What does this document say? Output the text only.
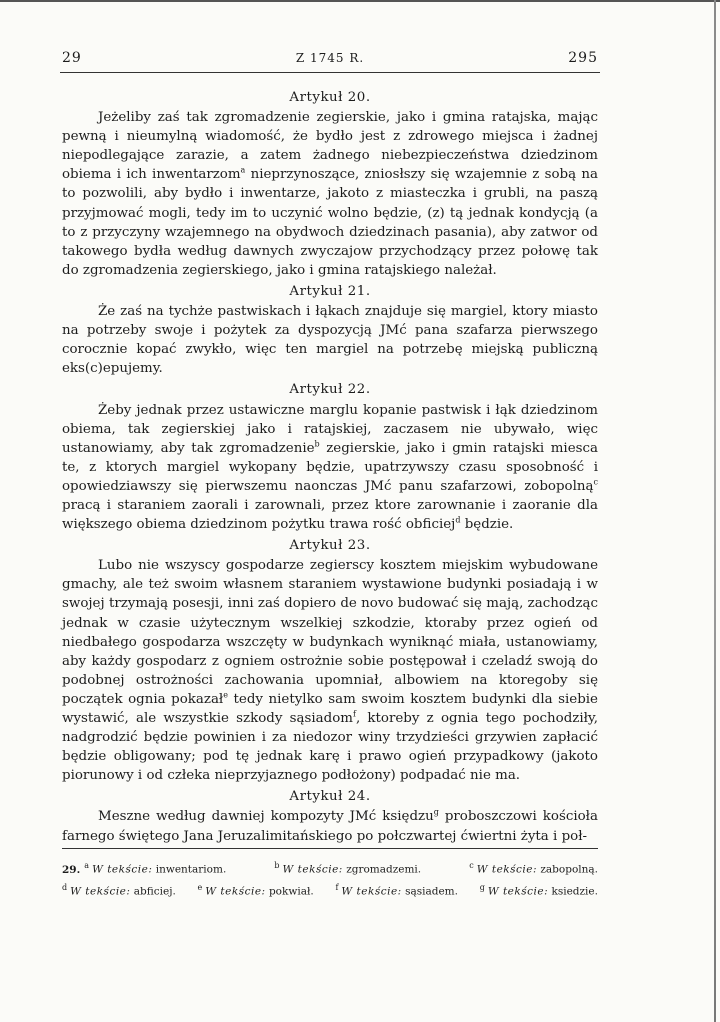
29	Z 1745 R.	295
Artykuł 20.
Jeżeliby zaś tak zgromadzenie zegierskie, jako i gmina ratajska, mając pewną i nieumylną wiadomość, że bydło jest z zdrowego miejsca i żadnej niepodlegające zarazie, a zatem żadnego niebezpieczeństwa dziedzinom obiema i ich inwentarzom$^a$ nieprzynoszące, zniosłszy się wzajemnie z sobą na to pozwolili, aby bydło i inwentarze, jakoto z miasteczka i grubli, na paszą przyjmować mogli, tedy im to uczynić wolno będzie, (z) tą jednak kondycją (a to z przyczyny wzajemnego na obydwoch dziedzinach pasania), aby zatwor od takowego bydła według dawnych zwyczajow przychodzący przez połowę tak do zgromadzenia zegierskiego, jako i gmina ratajskiego należał.
Artykuł 21.
Że zaś na tychże pastwiskach i łąkach znajduje się margiel, ktory miasto na potrzeby swoje i pożytek za dyspozycją JMć pana szafarza pierwszego corocznie kopać zwykło, więc ten margiel na potrzebę miejską publiczną eks(c)epujemy.
Artykuł 22.
Żeby jednak przez ustawiczne marglu kopanie pastwisk i łąk dziedzinom obiema, tak zegierskiej jako i ratajskiej, zaczasem nie ubywało, więc ustanowiamy, aby tak zgromadzenie$^b$ zegierskie, jako i gmin ratajski miesca te, z ktorych margiel wykopany będzie, upatrzywszy czasu sposobność i opowiedziawszy się pierwszemu naonczas JMć panu szafarzowi, zobopolną$^c$ pracą i staraniem zaorali i zarownali, przez ktore zarownanie i zaoranie dla większego obiema dziedzinom pożytku trawa rość obficiej$^d$ będzie.
Artykuł 23.
Lubo nie wszyscy gospodarze zegierscy kosztem miejskim wybudowane gmachy, ale też swoim własnem staraniem wystawione budynki posiadają i w swojej trzymają posesji, inni zaś dopiero de novo budować się mają, zachodząc jednak w czasie użytecznym wszelkiej szkodzie, ktoraby przez ogień od niedbałego gospodarza wszczęty w budynkach wyniknąć miała, ustanowiamy, aby każdy gospodarz z ogniem ostrożnie sobie postępował i czeladź swoją do podobnej ostrożności zachowania upomniał, albowiem na ktoregoby się początek ognia pokazał$^e$ tedy nietylko sam swoim kosztem budynki dla siebie wystawić, ale wszystkie szkody sąsiadom$^f$, ktoreby z ognia tego pochodziły, nadgrodzić będzie powinien i za niedozor winy trzydzieści grzywien zapłacić będzie obligowany; pod tę jednak karę i prawo ogień przypadkowy (jakoto piorunowy i od człeka nieprzyjaznego podłożony) podpadać nie ma.
Artykuł 24.
Meszne według dawniej kompozyty JMć księdzu$^g$ proboszczowi kościoła farnego świętego Jana Jeruzalimitańskiego po połczwartej ćwiertni żyta i poł-
29. $^a$ W tekście: inwentariom.	$^b$ W tekście: zgromadzemi.	$^c$ W tekście: zabopolną.
$^d$ W tekście: abficiej.	$^e$ W tekście: pokwiał.	$^f$ W tekście: sąsiadem.	$^g$ W tekście: ksiedzie.
